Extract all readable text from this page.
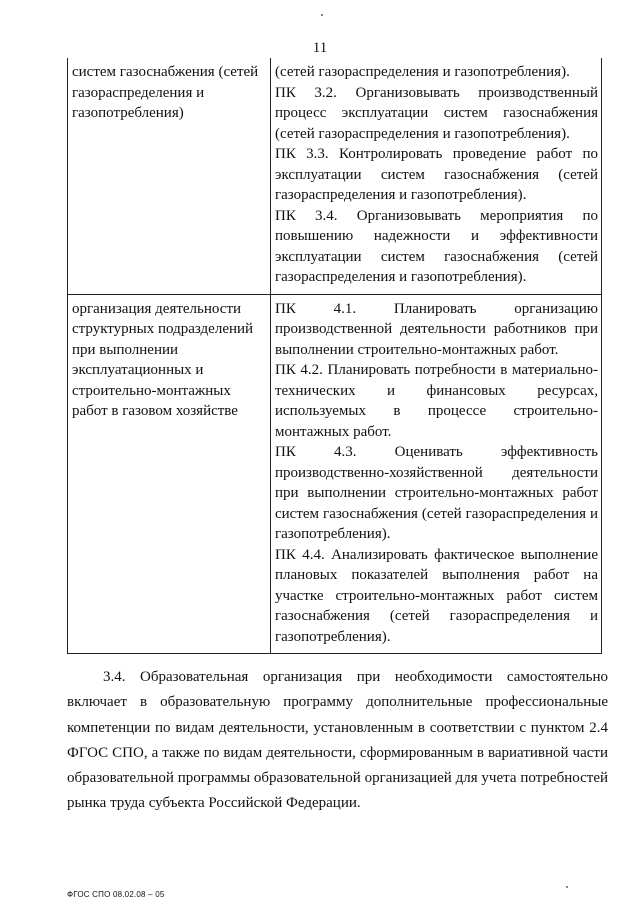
11
систем газоснабжения (сетей газораспределения и газопотребления)	(сетей газораспределения и газопотребления).
ПК 3.2. Организовывать производственный процесс эксплуатации систем газоснабжения (сетей газораспределения и газопотребления).
ПК 3.3. Контролировать проведение работ по эксплуатации систем газоснабжения (сетей газораспределения и газопотребления).
ПК 3.4. Организовывать мероприятия по повышению надежности и эффективности эксплуатации систем газоснабжения (сетей газораспределения и газопотребления).

организация деятельности структурных подразделений при выполнении эксплуатационных и строительно-монтажных работ в газовом хозяйстве	ПК 4.1. Планировать организацию производственной деятельности работников при выполнении строительно-монтажных работ.
ПК 4.2. Планировать потребности в материально-технических и финансовых ресурсах, используемых в процессе строительно-монтажных работ.
ПК 4.3. Оценивать эффективность производственно-хозяйственной деятельности при выполнении строительно-монтажных работ систем газоснабжения (сетей газораспределения и газопотребления).
ПК 4.4. Анализировать фактическое выполнение плановых показателей выполнения работ на участке строительно-монтажных работ систем газоснабжения (сетей газораспределения и газопотребления).
3.4. Образовательная организация при необходимости самостоятельно включает в образовательную программу дополнительные профессиональные компетенции по видам деятельности, установленным в соответствии с пунктом 2.4 ФГОС СПО, а также по видам деятельности, сформированным в вариативной части образовательной программы образовательной организацией для учета потребностей рынка труда субъекта Российской Федерации.
ФГОС СПО 08.02.08 – 05
